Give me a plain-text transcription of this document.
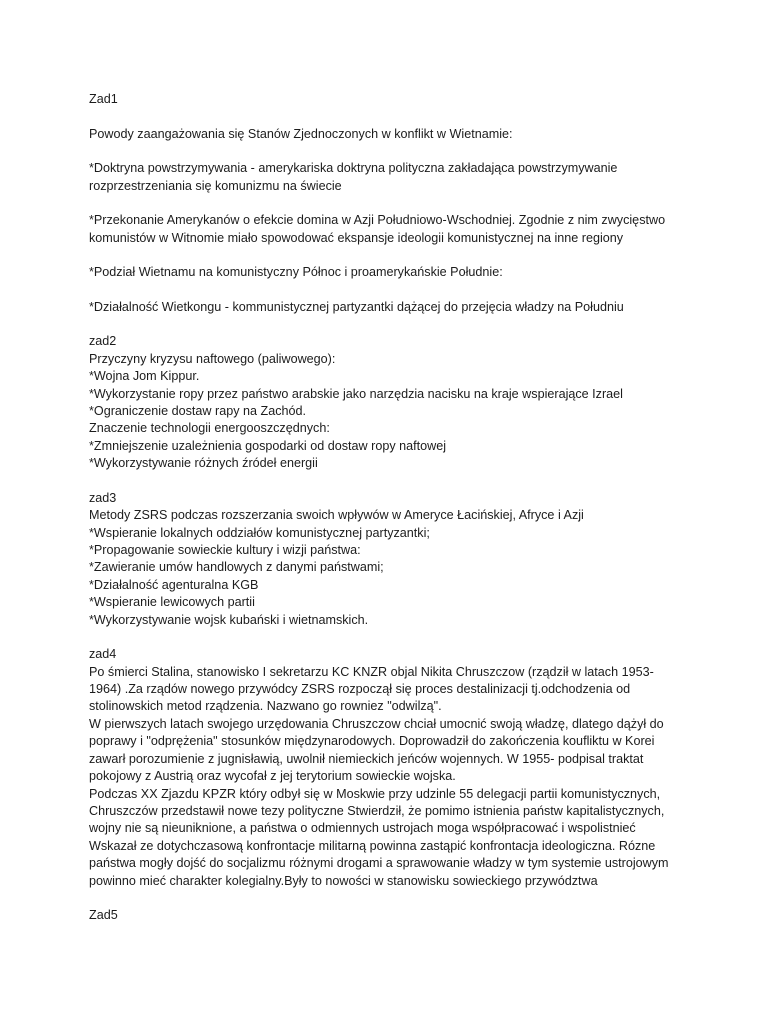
Zad1

Powody zaangażowania się Stanów Zjednoczonych w konflikt w Wietnamie:

*Doktryna powstrzymywania - amerykariska doktryna polityczna zakładająca powstrzymywanie

rozprzestrzeniania się komunizmu na świecie

*Przekonanie Amerykanów o efekcie domina w Azji Południowo-Wschodniej. Zgodnie z nim zwycięstwo

komunistów w Witnomie miało spowodować ekspansje ideologii komunistycznej na inne regiony

*Podział Wietnamu na komunistyczny Północ i proamerykańskie Południe:

*Działalność Wietkongu - kommunistycznej partyzantki dążącej do przejęcia władzy na Południu

zad2

Przyczyny kryzysu naftowego (paliwowego):

*Wojna Jom Kippur.

*Wykorzystanie ropy przez państwo arabskie jako narzędzia nacisku na kraje wspierające Izrael

*Ograniczenie dostaw rapy na Zachód.

Znaczenie technologii energooszczędnych:

*Zmniejszenie uzależnienia gospodarki od dostaw ropy naftowej

*Wykorzystywanie różnych źródeł energii

zad3

Metody ZSRS podczas rozszerzania swoich wpływów w Ameryce Łacińskiej, Afryce i Azji

*Wspieranie lokalnych oddziałów komunistycznej partyzantki;

*Propagowanie sowieckie kultury i wizji państwa:

*Zawieranie umów handlowych z danymi państwami;

*Działalność agenturalna KGB

*Wspieranie lewicowych partii

*Wykorzystywanie wojsk kubański i wietnamskich.

zad4

Po śmierci Stalina, stanowisko I sekretarzu KC KNZR objal Nikita Chruszczow (rządził w latach 1953-

1964) .Za rządów nowego przywódcy ZSRS rozpoczął się proces destalinizacji tj.odchodzenia od

stolinowskich metod rządzenia. Nazwano go rowniez "odwilzą".

W pierwszych latach swojego urzędowania Chruszczow chciał umocnić swoją władzę, dlatego dążył do

poprawy i "odprężenia" stosunków międzynarodowych. Doprowadził do zakończenia koufliktu w Korei

zawarł porozumienie z jugnisławią, uwolnił niemieckich jeńców wojennych. W 1955- podpisal traktat

pokojowy z Austrią oraz wycofał z jej terytorium sowieckie wojska.

Podczas XX Zjazdu KPZR który odbył się w Moskwie przy udzinle 55 delegacji partii komunistycznych,

Chruszczów przedstawił nowe tezy polityczne Stwierdził, że pomimo istnienia państw kapitalistycznych,

wojny nie są nieuniknione, a państwa o odmiennych ustrojach moga współpracować i wspolistnieć

Wskazał ze dotychczasową konfrontacje militarną powinna zastąpić konfrontacja ideologiczna. Rózne

państwa mogły dojść do socjalizmu różnymi drogami a sprawowanie władzy w tym systemie ustrojowym

powinno mieć charakter kolegialny.Były to nowości w stanowisku sowieckiego przywództwa

Zad5
